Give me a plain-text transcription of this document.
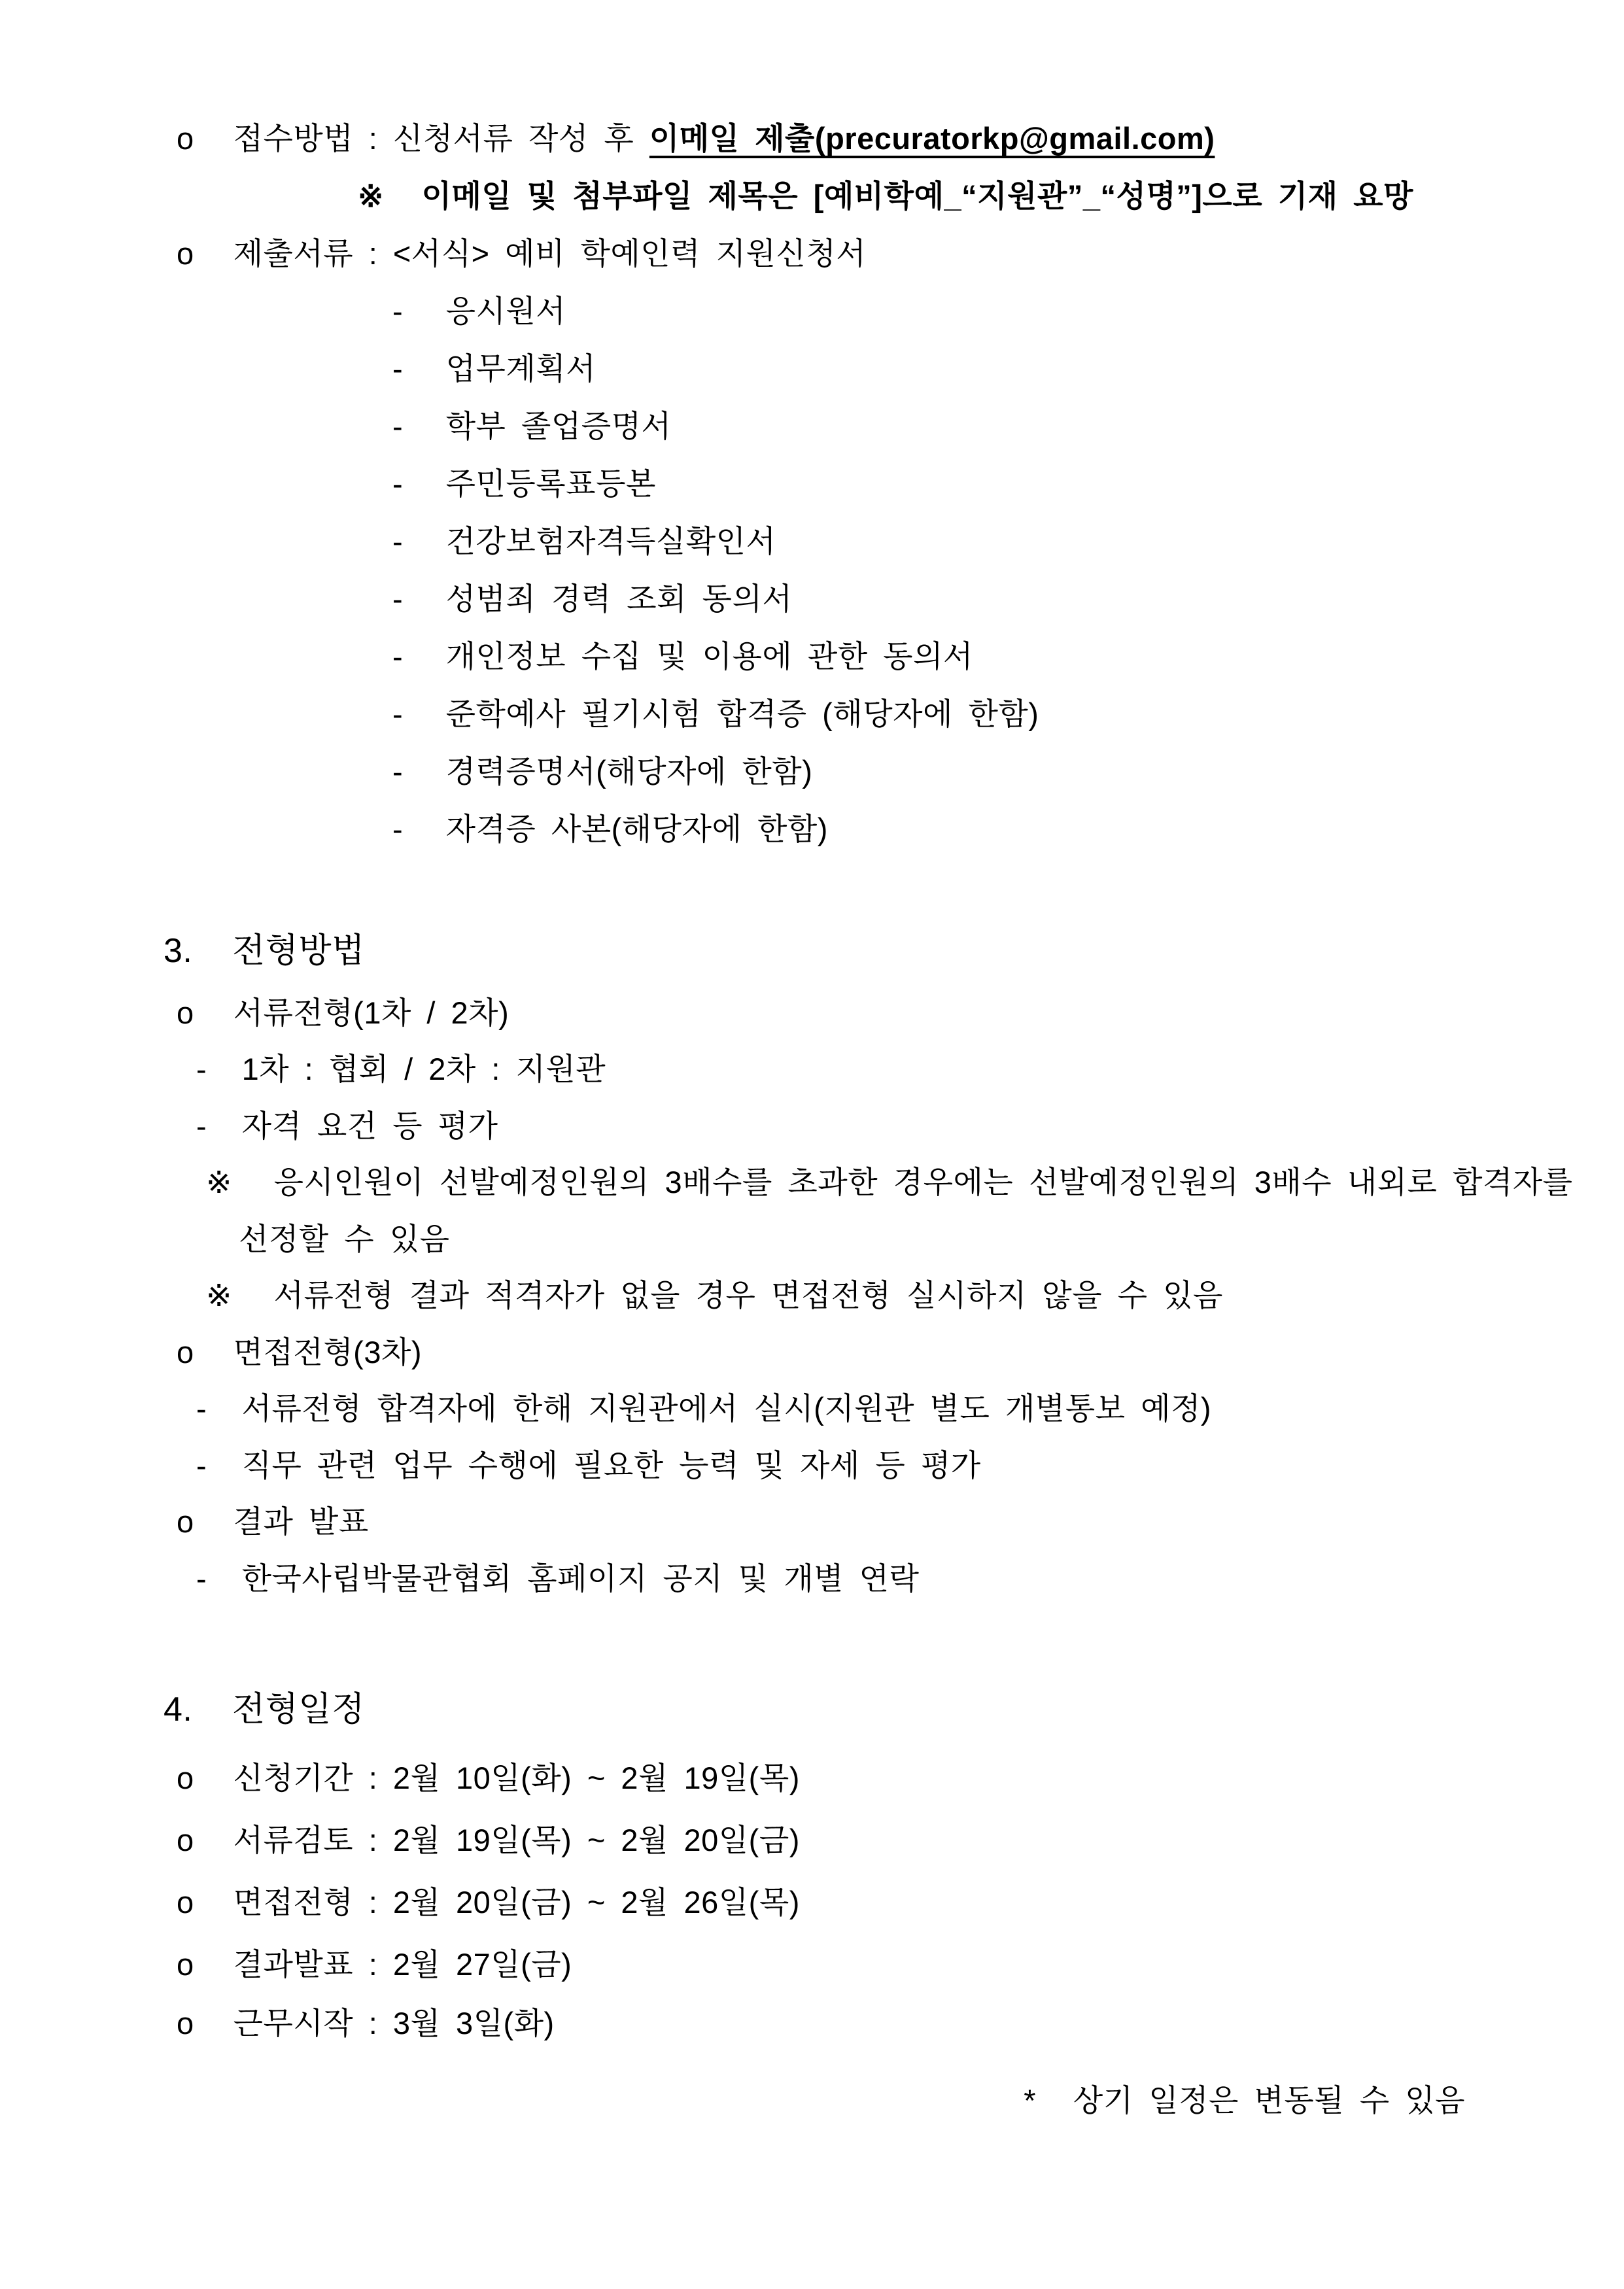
o 접수방법 : 신청서류 작성 후 이메일 제출(precuratorkp@gmail.com)
※ 이메일 및 첨부파일 제목은 [예비학예_“지원관”_“성명”]으로 기재 요망
o 제출서류 : <서식> 예비 학예인력 지원신청서
- 응시원서
- 업무계획서
- 학부 졸업증명서
- 주민등록표등본
- 건강보험자격득실확인서
- 성범죄 경력 조회 동의서
- 개인정보 수집 및 이용에 관한 동의서
- 준학예사 필기시험 합격증 (해당자에 한함)
- 경력증명서(해당자에 한함)
- 자격증 사본(해당자에 한함)
3. 전형방법
o 서류전형(1차 / 2차)
- 1차 : 협회 / 2차 : 지원관
- 자격 요건 등 평가
※ 응시인원이 선발예정인원의 3배수를 초과한 경우에는 선발예정인원의 3배수 내외로 합격자를
선정할 수 있음
※ 서류전형 결과 적격자가 없을 경우 면접전형 실시하지 않을 수 있음
o 면접전형(3차)
- 서류전형 합격자에 한해 지원관에서 실시(지원관 별도 개별통보 예정)
- 직무 관련 업무 수행에 필요한 능력 및 자세 등 평가
o 결과 발표
- 한국사립박물관협회 홈페이지 공지 및 개별 연락
4. 전형일정
o 신청기간 : 2월 10일(화) ~ 2월 19일(목)
o 서류검토 : 2월 19일(목) ~ 2월 20일(금)
o 면접전형 : 2월 20일(금) ~ 2월 26일(목)
o 결과발표 : 2월 27일(금)
o 근무시작 : 3월 3일(화)
* 상기 일정은 변동될 수 있음
